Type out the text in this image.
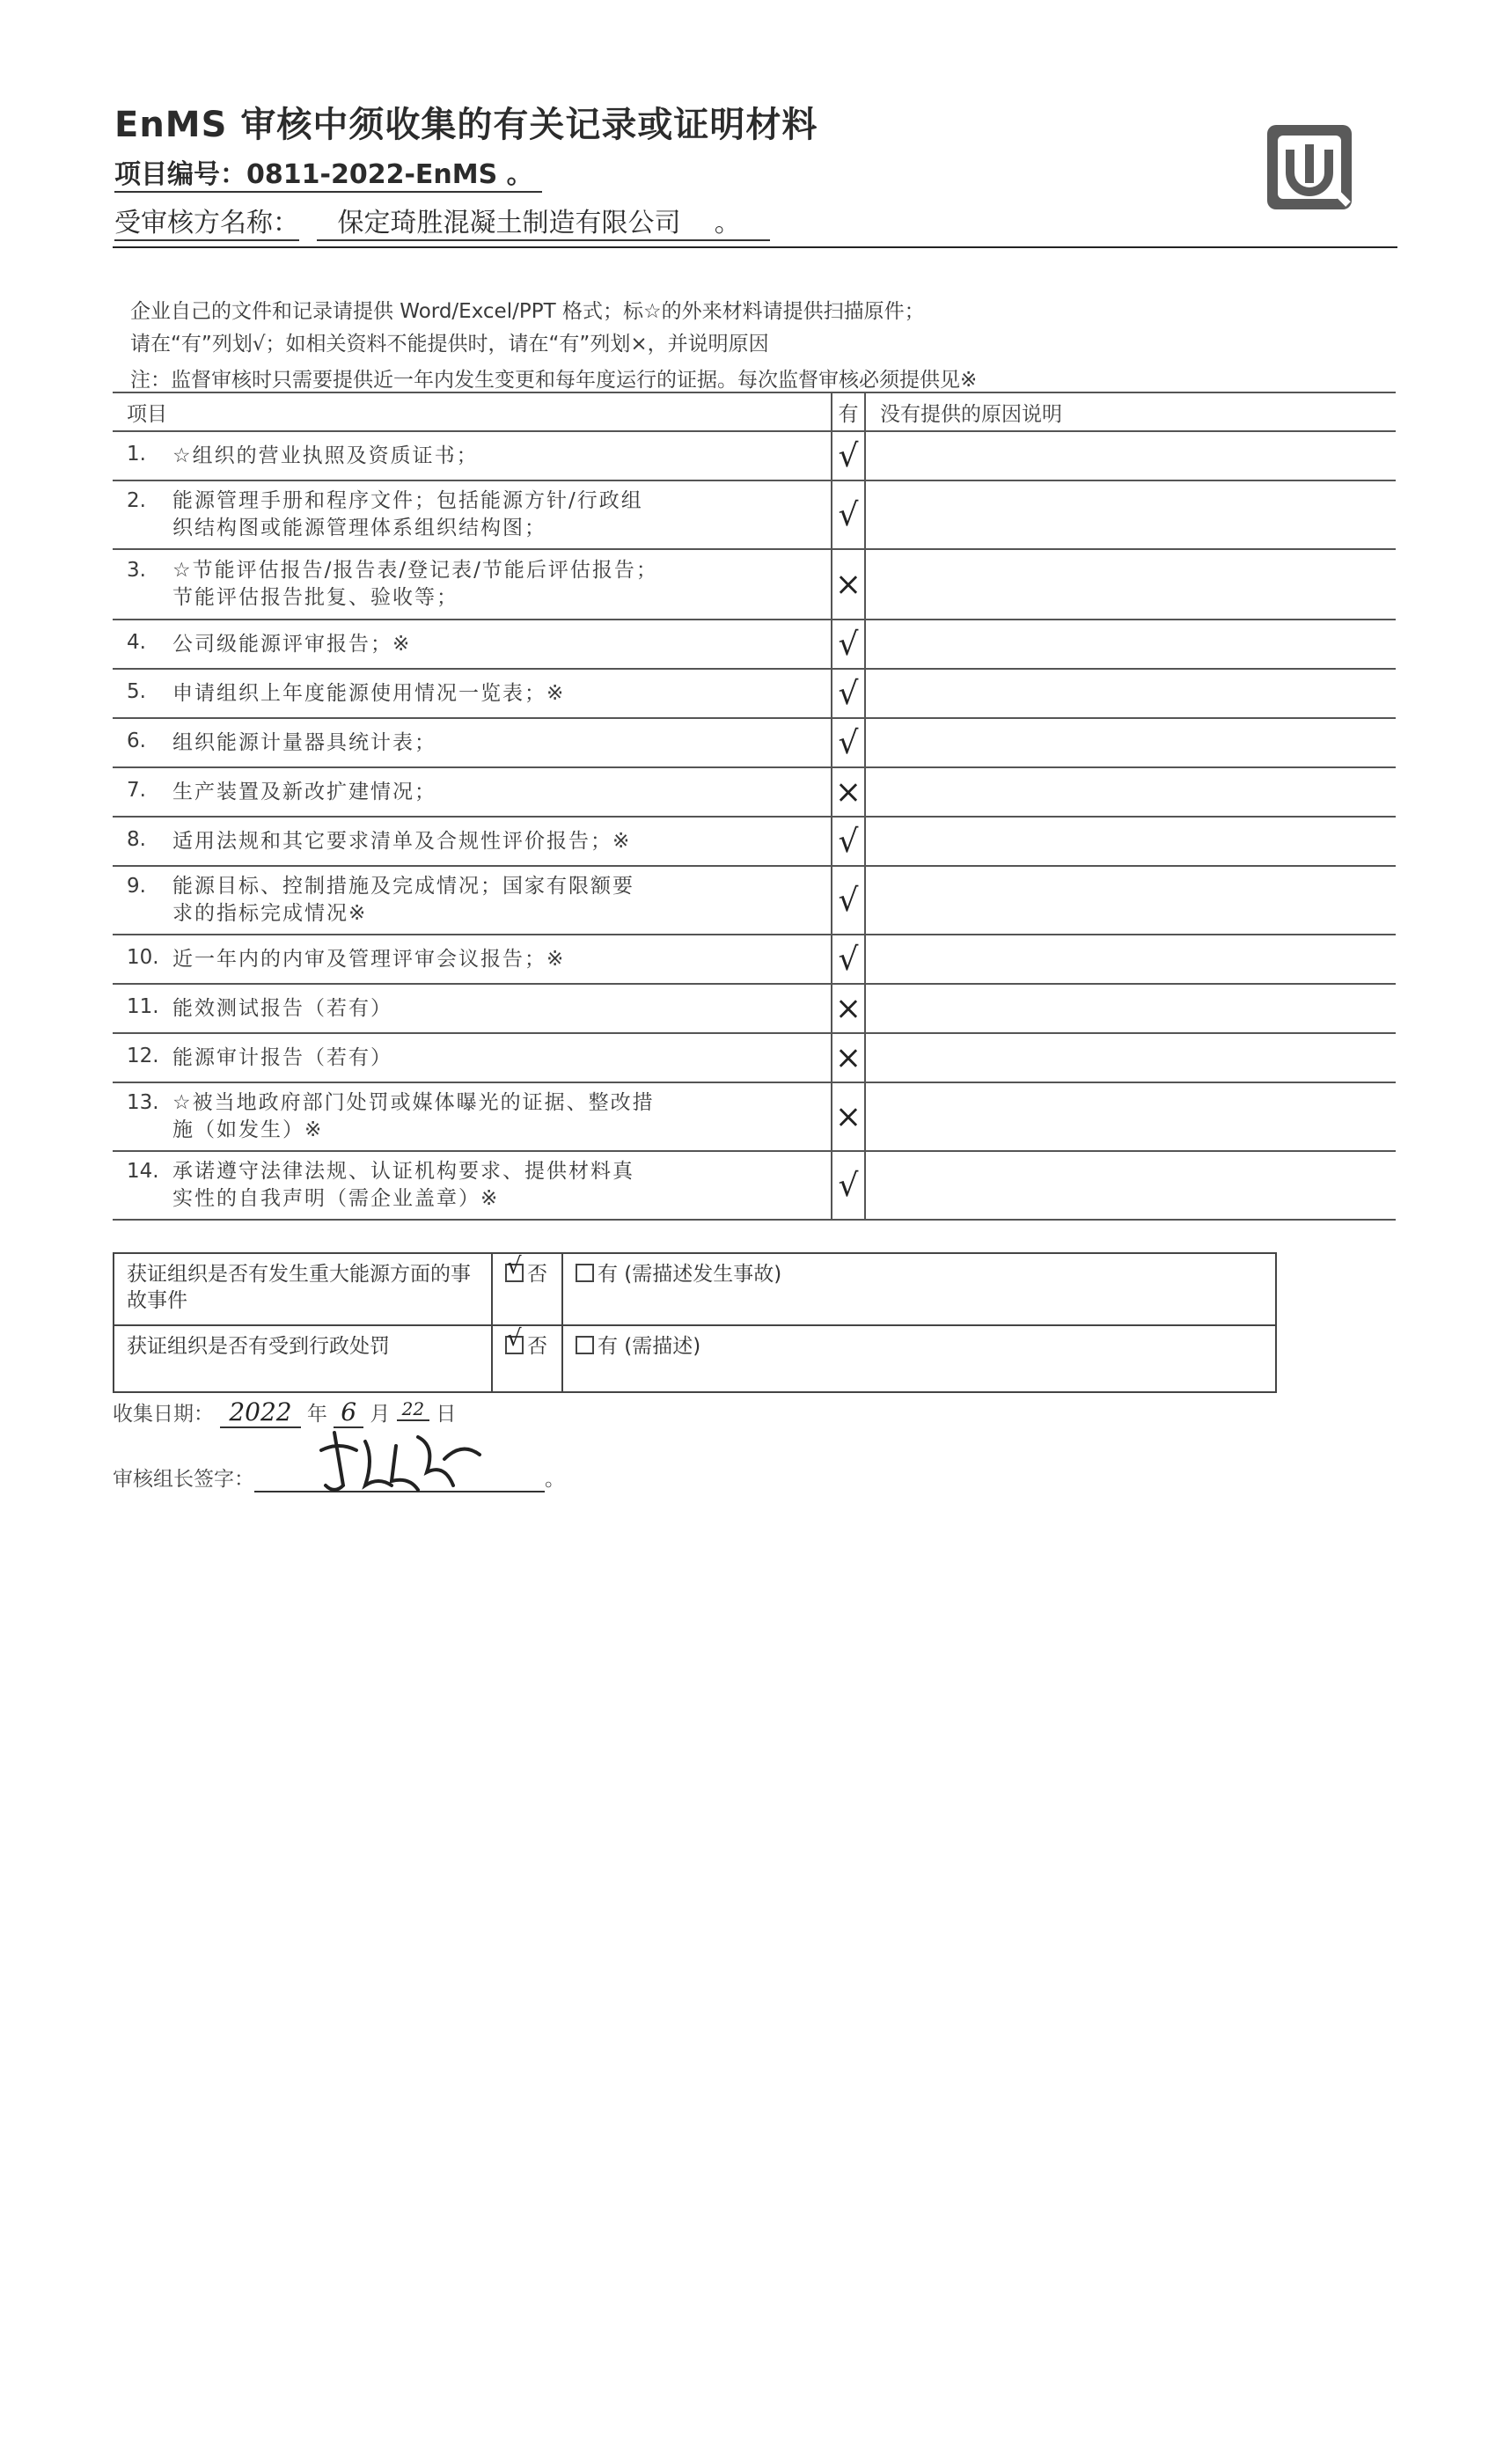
EnMS 审核中须收集的有关记录或证明材料
项目编号：0811-2022-EnMS 。
受审核方名称： 保定琦胜混凝土制造有限公司 。
企业自己的文件和记录请提供 Word/Excel/PPT 格式；标☆的外来材料请提供扫描原件；
请在“有”列划√；如相关资料不能提供时，请在“有”列划×，并说明原因
注：监督审核时只需要提供近一年内发生变更和每年度运行的证据。每次监督审核必须提供见※
项目	有	没有提供的原因说明
1. ☆组织的营业执照及资质证书；	√	
2. 能源管理手册和程序文件；包括能源方针/行政组
织结构图或能源管理体系组织结构图；	√	
3. ☆节能评估报告/报告表/登记表/节能后评估报告；
节能评估报告批复、验收等；	×	
4. 公司级能源评审报告；※	√	
5. 申请组织上年度能源使用情况一览表；※	√	
6. 组织能源计量器具统计表；	√	
7. 生产装置及新改扩建情况；	×	
8. 适用法规和其它要求清单及合规性评价报告；※	√	
9. 能源目标、控制措施及完成情况；国家有限额要
求的指标完成情况※	√	
10. 近一年内的内审及管理评审会议报告；※	√	
11. 能效测试报告（若有）	×	
12. 能源审计报告（若有）	×	
13. ☆被当地政府部门处罚或媒体曝光的证据、整改措
施（如发生）※	×	
14. 承诺遵守法律法规、认证机构要求、提供材料真
实性的自我声明（需企业盖章）※	√	
获证组织是否有发生重大能源方面的事故事件	√ 否	有 (需描述发生事故)
获证组织是否有受到行政处罚	√ 否	有 (需描述)
收集日期： 2022 年 6 月 22 日
审核组长签字：	。
